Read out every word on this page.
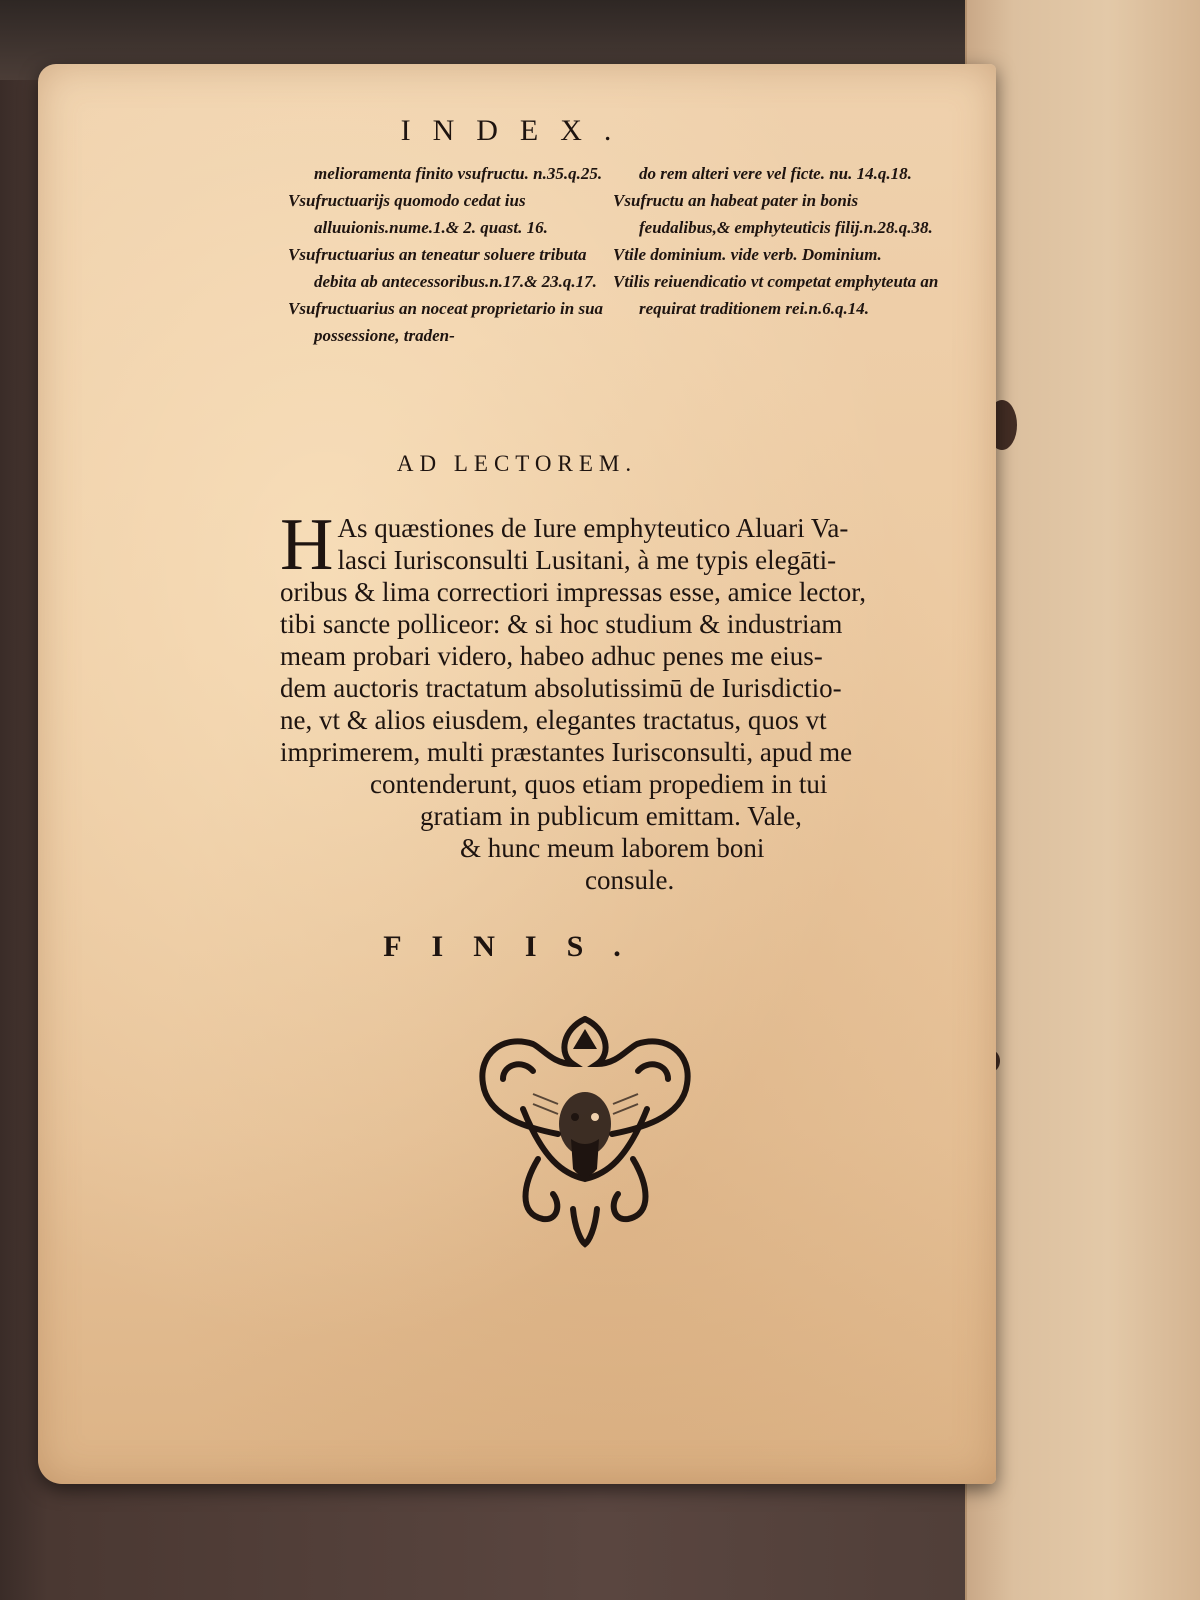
INDEX.

melioramenta finito vsufructu. n.35.q.25.

Vsufructuarijs quomodo cedat ius alluuionis.nume.1.& 2. quast. 16.

Vsufructuarius an teneatur soluere tributa debita ab antecessoribus.n.17.& 23.q.17.

Vsufructuarius an noceat proprietario in sua possessione, traden-

do rem alteri vere vel ficte. nu. 14.q.18.

Vsufructu an habeat pater in bonis feudalibus,& emphyteuticis filij.n.28.q.38.

Vtile dominium. vide verb. Dominium.

Vtilis reiuendicatio vt competat emphyteuta an requirat traditionem rei.n.6.q.14.

AD LECTOREM.
H As quæstiones de Iure emphyteutico Aluari Va-

lasci Iurisconsulti Lusitani, à me typis elegāti-

oribus & lima correctiori impressas esse, amice lector,

tibi sancte polliceor: & si hoc studium & industriam

meam probari videro, habeo adhuc penes me eius-

dem auctoris tractatum absolutissimū de Iurisdictio-

ne, vt & alios eiusdem, elegantes tractatus, quos vt

imprimerem, multi præstantes Iurisconsulti, apud me

contenderunt, quos etiam propediem in tui

gratiam in publicum emittam. Vale,

& hunc meum laborem boni

consule.

FINIS.
